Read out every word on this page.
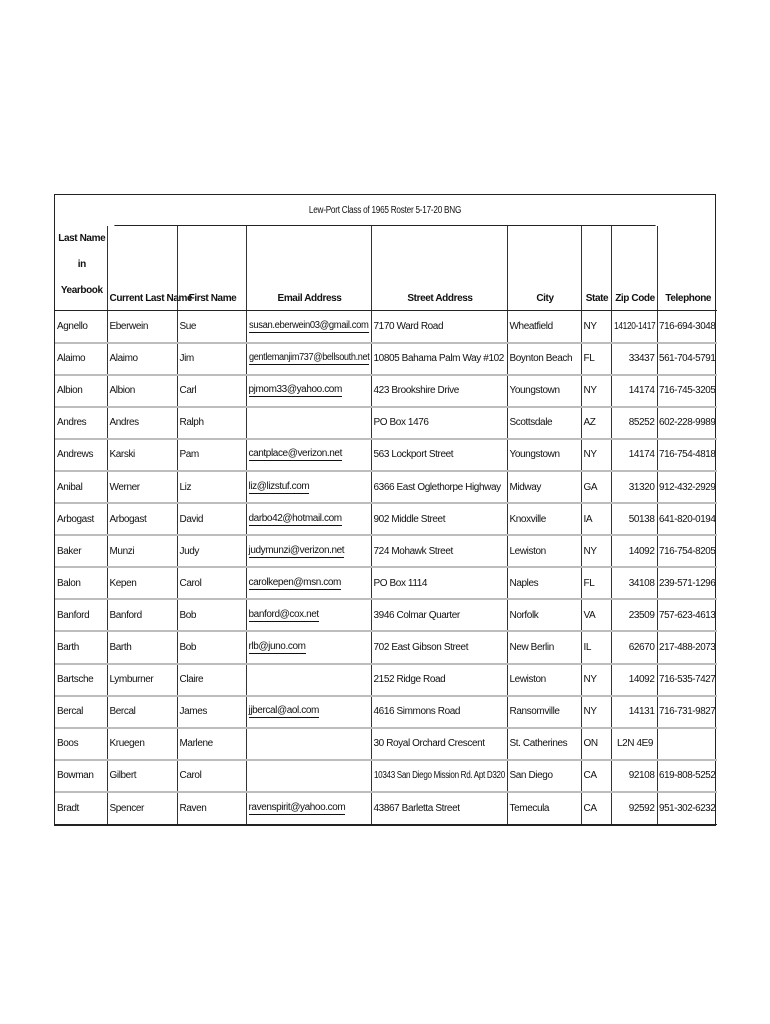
Lew-Port Class of 1965 Roster 5-17-20 BNG
Last Name in Yearbook	Current Last Name	First Name	Email Address	Street Address	City	State	Zip Code	Telephone
Agnello	Eberwein	Sue	susan.eberwein03@gmail.com	7170 Ward Road	Wheatfield	NY	14120-1417	716-694-3048
Alaimo	Alaimo	Jim	gentlemanjim737@bellsouth.net	10805 Bahama Palm Way #102	Boynton Beach	FL	33437	561-704-5791
Albion	Albion	Carl	pjmom33@yahoo.com	423 Brookshire Drive	Youngstown	NY	14174	716-745-3205
Andres	Andres	Ralph		PO Box 1476	Scottsdale	AZ	85252	602-228-9989
Andrews	Karski	Pam	cantplace@verizon.net	563 Lockport Street	Youngstown	NY	14174	716-754-4818
Anibal	Werner	Liz	liz@lizstuf.com	6366 East Oglethorpe Highway	Midway	GA	31320	912-432-2929
Arbogast	Arbogast	David	darbo42@hotmail.com	902 Middle Street	Knoxville	IA	50138	641-820-0194
Baker	Munzi	Judy	judymunzi@verizon.net	724 Mohawk Street	Lewiston	NY	14092	716-754-8205
Balon	Kepen	Carol	carolkepen@msn.com	PO Box 1114	Naples	FL	34108	239-571-1296
Banford	Banford	Bob	banford@cox.net	3946 Colmar Quarter	Norfolk	VA	23509	757-623-4613
Barth	Barth	Bob	rlb@juno.com	702 East Gibson Street	New Berlin	IL	62670	217-488-2073
Bartsche	Lymburner	Claire		2152 Ridge Road	Lewiston	NY	14092	716-535-7427
Bercal	Bercal	James	jjbercal@aol.com	4616 Simmons Road	Ransomville	NY	14131	716-731-9827
Boos	Kruegen	Marlene		30 Royal Orchard Crescent	St. Catherines	ON	L2N 4E9	
Bowman	Gilbert	Carol		10343 San Diego Mission Rd. Apt D320	San Diego	CA	92108	619-808-5252
Bradt	Spencer	Raven	ravenspirit@yahoo.com	43867 Barletta Street	Temecula	CA	92592	951-302-6232
